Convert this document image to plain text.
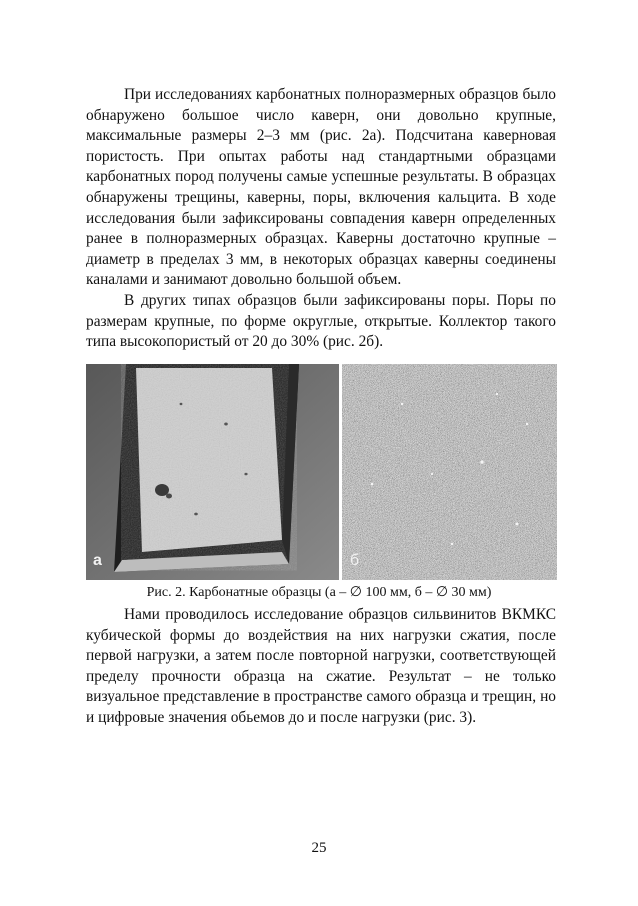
При исследованиях карбонатных полноразмерных образцов было обнаружено большое число каверн, они довольно крупные, максимальные размеры 2–3 мм (рис. 2а). Подсчитана каверновая пористость. При опытах работы над стандартными образцами карбонатных пород получены самые успешные результаты. В образцах обнаружены трещины, каверны, поры, включения кальцита. В ходе исследования были зафиксированы совпадения каверн определенных ранее в полноразмерных образцах. Каверны достаточно крупные – диаметр в пределах 3 мм, в некоторых образцах каверны соединены каналами и занимают довольно большой объем.

В других типах образцов были зафиксированы поры. Поры по размерам крупные, по форме округлые, открытые. Коллектор такого типа высокопористый от 20 до 30% (рис. 2б).

а	б
Рис. 2. Карбонатные образцы (а – ∅ 100 мм, б – ∅ 30 мм)

Нами проводилось исследование образцов сильвинитов ВКМКС кубической формы до воздействия на них нагрузки сжатия, после первой нагрузки, а затем после повторной нагрузки, соответствующей пределу прочности образца на сжатие. Результат – не только визуальное представление в пространстве самого образца и трещин, но и цифровые значения обьемов до и после нагрузки (рис. 3).

25
